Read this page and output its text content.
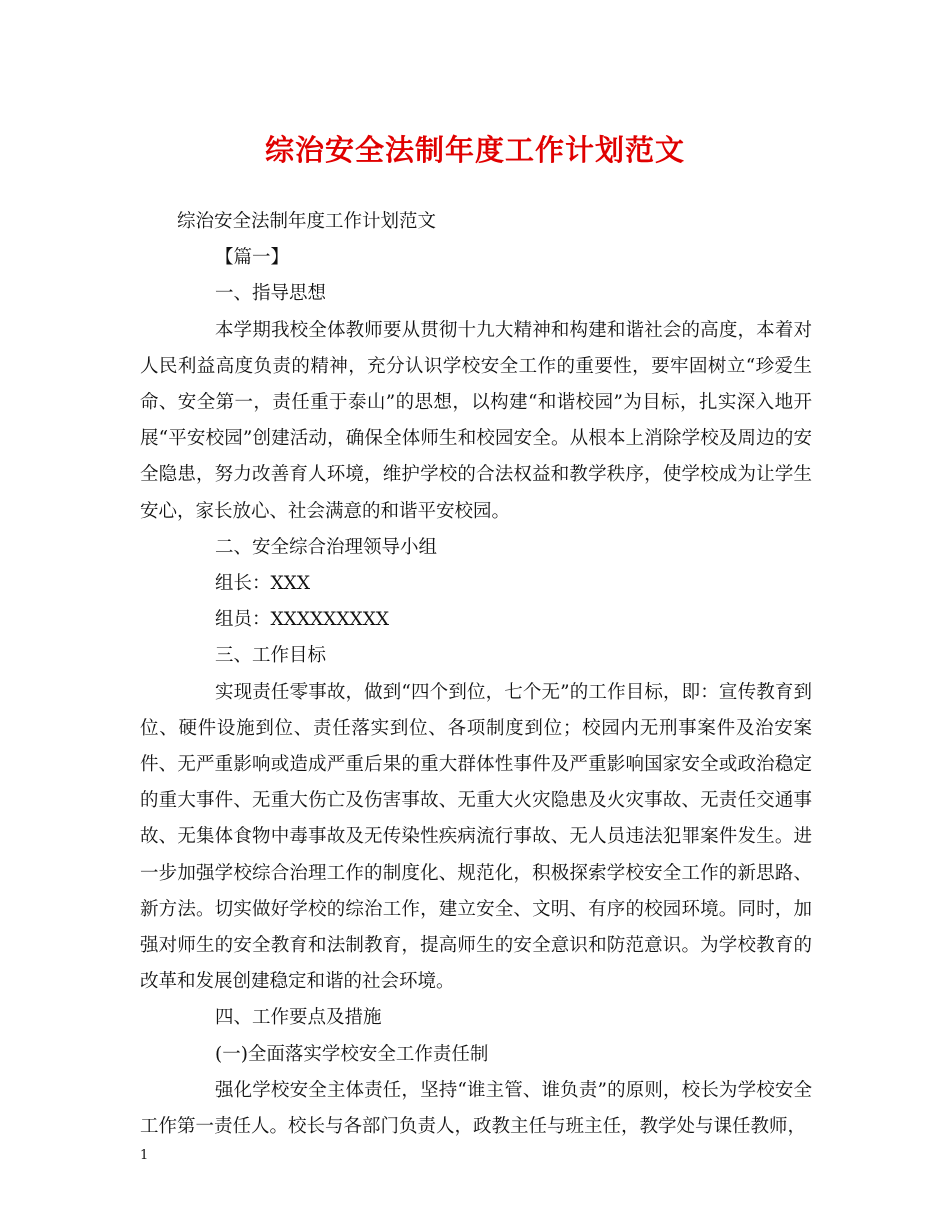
综治安全法制年度工作计划范文

综治安全法制年度工作计划范文

【篇一】

一、指导思想

本学期我校全体教师要从贯彻十九大精神和构建和谐社会的高度，本着对人民利益高度负责的精神，充分认识学校安全工作的重要性，要牢固树立“珍爱生命、安全第一，责任重于泰山”的思想，以构建“和谐校园”为目标，扎实深入地开展“平安校园”创建活动，确保全体师生和校园安全。从根本上消除学校及周边的安全隐患，努力改善育人环境，维护学校的合法权益和教学秩序，使学校成为让学生安心，家长放心、社会满意的和谐平安校园。

二、安全综合治理领导小组

组长：XXX

组员：XXXXXXXXX

三、工作目标

实现责任零事故，做到“四个到位，七个无”的工作目标，即：宣传教育到位、硬件设施到位、责任落实到位、各项制度到位；校园内无刑事案件及治安案件、无严重影响或造成严重后果的重大群体性事件及严重影响国家安全或政治稳定的重大事件、无重大伤亡及伤害事故、无重大火灾隐患及火灾事故、无责任交通事故、无集体食物中毒事故及无传染性疾病流行事故、无人员违法犯罪案件发生。进一步加强学校综合治理工作的制度化、规范化，积极探索学校安全工作的新思路、新方法。切实做好学校的综治工作，建立安全、文明、有序的校园环境。同时，加强对师生的安全教育和法制教育，提高师生的安全意识和防范意识。为学校教育的改革和发展创建稳定和谐的社会环境。

四、工作要点及措施

(一)全面落实学校安全工作责任制

强化学校安全主体责任，坚持“谁主管、谁负责”的原则，校长为学校安全工作第一责任人。校长与各部门负责人，政教主任与班主任，教学处与课任教师，

1
